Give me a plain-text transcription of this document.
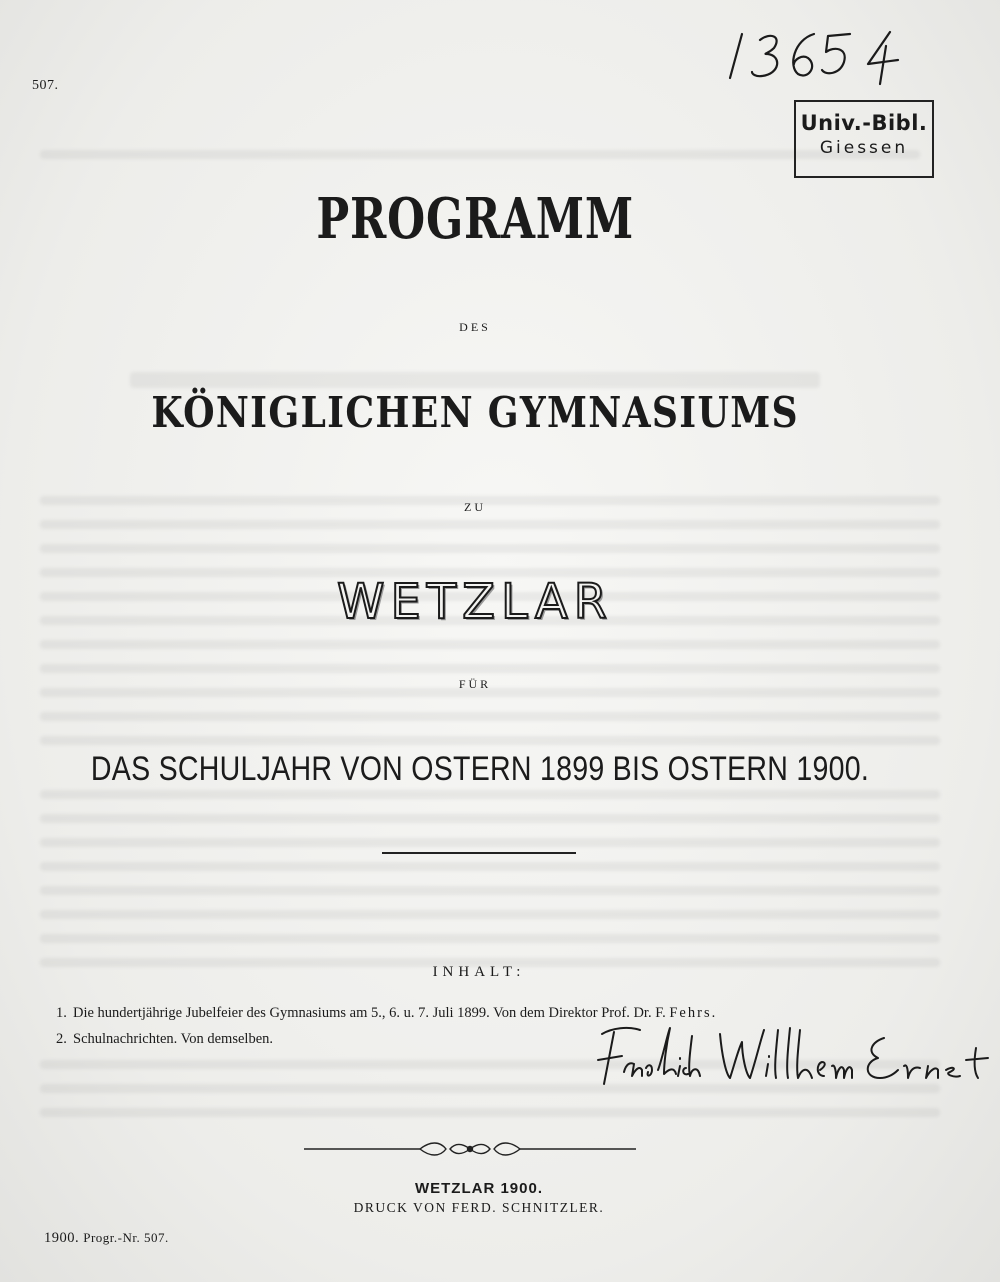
507.
Univ.-Bibl.
Giessen
PROGRAMM
DES
KÖNIGLICHEN GYMNASIUMS
ZU
WETZLAR
FÜR
DAS SCHULJAHR VON OSTERN 1899 BIS OSTERN 1900.
INHALT:
1. Die hundertjährige Jubelfeier des Gymnasiums am 5., 6. u. 7. Juli 1899. Von dem Direktor Prof. Dr. F. Fehrs.
2. Schulnachrichten. Von demselben.
WETZLAR 1900.
DRUCK VON FERD. SCHNITZLER.
1900. Progr.-Nr. 507.
